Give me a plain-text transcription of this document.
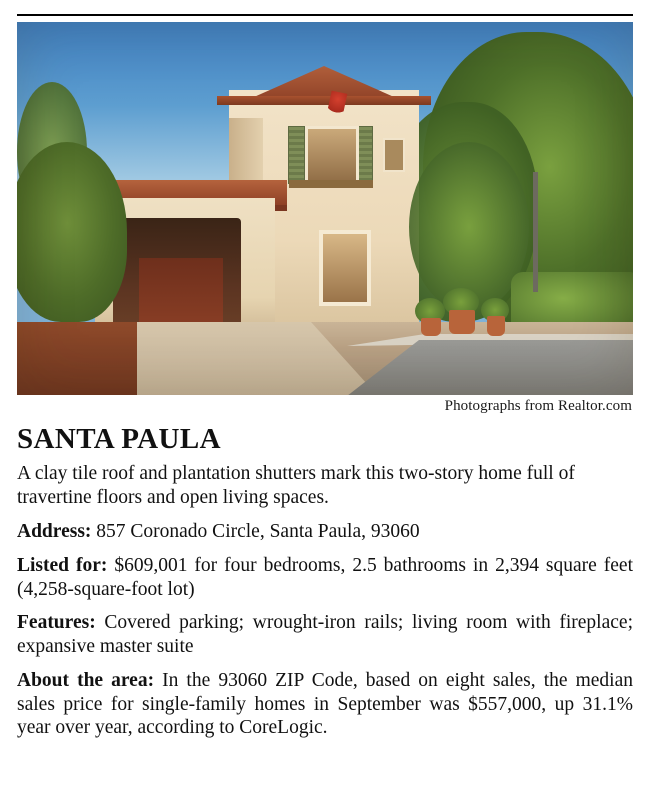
Photographs from Realtor.com
SANTA PAULA

A clay tile roof and plantation shutters mark this two-story home full of travertine floors and open living spaces.

Address: 857 Coronado Circle, Santa Paula, 93060

Listed for: $609,001 for four bedrooms, 2.5 bathrooms in 2,394 square feet (4,258-square-foot lot)

Features: Covered parking; wrought-iron rails; living room with fireplace; expansive master suite

About the area: In the 93060 ZIP Code, based on eight sales, the median sales price for single-family homes in September was $557,000, up 31.1% year over year, according to CoreLogic.
